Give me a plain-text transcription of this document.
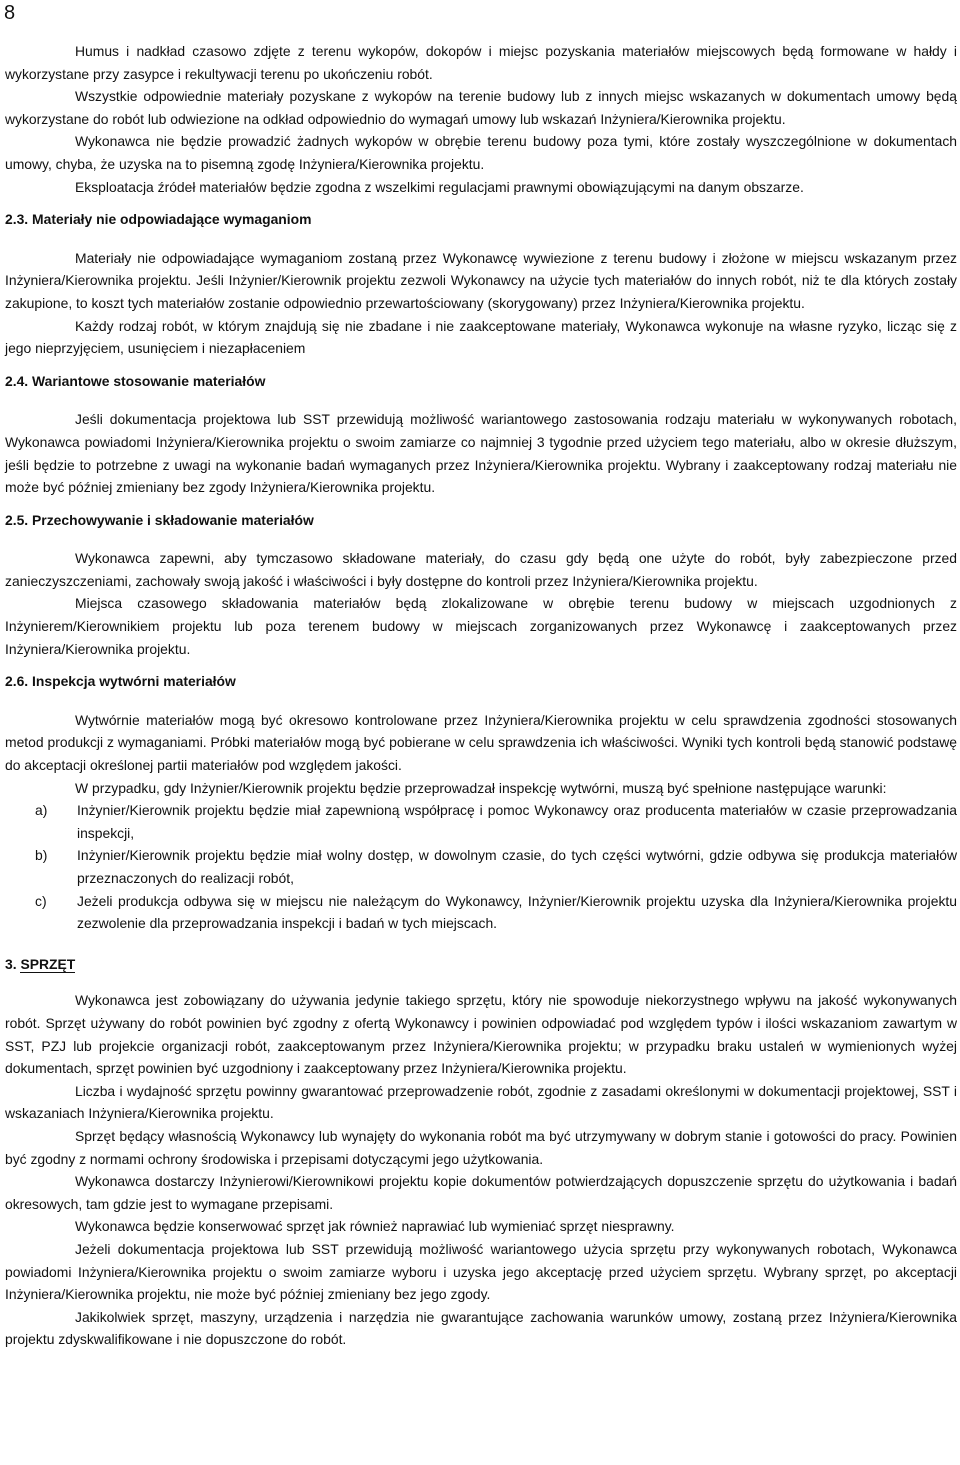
8

Humus i nadkład czasowo zdjęte z terenu wykopów, dokopów i miejsc pozyskania materiałów miejscowych będą formowane w hałdy i wykorzystane przy zasypce i rekultywacji terenu po ukończeniu robót.

Wszystkie odpowiednie materiały pozyskane z wykopów na terenie budowy lub z innych miejsc wskazanych w dokumentach umowy będą wykorzystane do robót lub odwiezione na odkład odpowiednio do wymagań umowy lub wskazań Inżyniera/Kierownika projektu.

Wykonawca nie będzie prowadzić żadnych wykopów w obrębie terenu budowy poza tymi, które zostały wyszczególnione w dokumentach umowy, chyba, że uzyska na to pisemną zgodę Inżyniera/Kierownika projektu.

Eksploatacja źródeł materiałów będzie zgodna z wszelkimi regulacjami prawnymi obowiązującymi na danym obszarze.

2.3. Materiały nie odpowiadające wymaganiom

Materiały nie odpowiadające wymaganiom zostaną przez Wykonawcę wywiezione z terenu budowy i złożone w miejscu wskazanym przez Inżyniera/Kierownika projektu. Jeśli Inżynier/Kierownik projektu zezwoli Wykonawcy na użycie tych materiałów do innych robót, niż te dla których zostały zakupione, to koszt tych materiałów zostanie odpowiednio przewartościowany (skorygowany) przez Inżyniera/Kierownika projektu.

Każdy rodzaj robót, w którym znajdują się nie zbadane i nie zaakceptowane materiały, Wykonawca wykonuje na własne ryzyko, licząc się z jego nieprzyjęciem, usunięciem i niezapłaceniem

2.4. Wariantowe stosowanie materiałów

Jeśli dokumentacja projektowa lub SST przewidują możliwość wariantowego zastosowania rodzaju materiału w wykonywanych robotach, Wykonawca powiadomi Inżyniera/Kierownika projektu o swoim zamiarze co najmniej 3 tygodnie przed użyciem tego materiału, albo w okresie dłuższym, jeśli będzie to potrzebne z uwagi na wykonanie badań wymaganych przez Inżyniera/Kierownika projektu. Wybrany i zaakceptowany rodzaj materiału nie może być później zmieniany bez zgody Inżyniera/Kierownika projektu.

2.5. Przechowywanie i składowanie materiałów

Wykonawca zapewni, aby tymczasowo składowane materiały, do czasu gdy będą one użyte do robót, były zabezpieczone przed zanieczyszczeniami, zachowały swoją jakość i właściwości i były dostępne do kontroli przez Inżyniera/Kierownika projektu.

Miejsca czasowego składowania materiałów będą zlokalizowane w obrębie terenu budowy w miejscach uzgodnionych z Inżynierem/Kierownikiem projektu lub poza terenem budowy w miejscach zorganizowanych przez Wykonawcę i zaakceptowanych przez Inżyniera/Kierownika projektu.

2.6. Inspekcja wytwórni materiałów

Wytwórnie materiałów mogą być okresowo kontrolowane przez Inżyniera/Kierownika projektu w celu sprawdzenia zgodności stosowanych metod produkcji z wymaganiami. Próbki materiałów mogą być pobierane w celu sprawdzenia ich właściwości. Wyniki tych kontroli będą stanowić podstawę do akceptacji określonej partii materiałów pod względem jakości.

W przypadku, gdy Inżynier/Kierownik projektu będzie przeprowadzał inspekcję wytwórni, muszą być spełnione następujące warunki:

a)	Inżynier/Kierownik projektu będzie miał zapewnioną współpracę i pomoc Wykonawcy oraz producenta materiałów w czasie przeprowadzania inspekcji,
b)	Inżynier/Kierownik projektu będzie miał wolny dostęp, w dowolnym czasie, do tych części wytwórni, gdzie odbywa się produkcja materiałów przeznaczonych do realizacji robót,
c)	Jeżeli produkcja odbywa się w miejscu nie należącym do Wykonawcy, Inżynier/Kierownik projektu uzyska dla Inżyniera/Kierownika projektu zezwolenie dla przeprowadzania inspekcji i badań w tych miejscach.

3. SPRZĘT

Wykonawca jest zobowiązany do używania jedynie takiego sprzętu, który nie spowoduje niekorzystnego wpływu na jakość wykonywanych robót. Sprzęt używany do robót powinien być zgodny z ofertą Wykonawcy i powinien odpowiadać pod względem typów i ilości wskazaniom zawartym w SST, PZJ lub projekcie organizacji robót, zaakceptowanym przez Inżyniera/Kierownika projektu; w przypadku braku ustaleń w wymienionych wyżej dokumentach, sprzęt powinien być uzgodniony i zaakceptowany przez Inżyniera/Kierownika projektu.

Liczba i wydajność sprzętu powinny gwarantować przeprowadzenie robót, zgodnie z zasadami określonymi w dokumentacji projektowej, SST i wskazaniach Inżyniera/Kierownika projektu.

Sprzęt będący własnością Wykonawcy lub wynajęty do wykonania robót ma być utrzymywany w dobrym stanie i gotowości do pracy. Powinien być zgodny z normami ochrony środowiska i przepisami dotyczącymi jego użytkowania.

Wykonawca dostarczy Inżynierowi/Kierownikowi projektu kopie dokumentów potwierdzających dopuszczenie sprzętu do użytkowania i badań okresowych, tam gdzie jest to wymagane przepisami.

Wykonawca będzie konserwować sprzęt jak również naprawiać lub wymieniać sprzęt niesprawny.

Jeżeli dokumentacja projektowa lub SST przewidują możliwość wariantowego użycia sprzętu przy wykonywanych robotach, Wykonawca powiadomi Inżyniera/Kierownika projektu o swoim zamiarze wyboru i uzyska jego akceptację przed użyciem sprzętu. Wybrany sprzęt, po akceptacji Inżyniera/Kierownika projektu, nie może być później zmieniany bez jego zgody.

Jakikolwiek sprzęt, maszyny, urządzenia i narzędzia nie gwarantujące zachowania warunków umowy, zostaną przez Inżyniera/Kierownika projektu zdyskwalifikowane i nie dopuszczone do robót.
